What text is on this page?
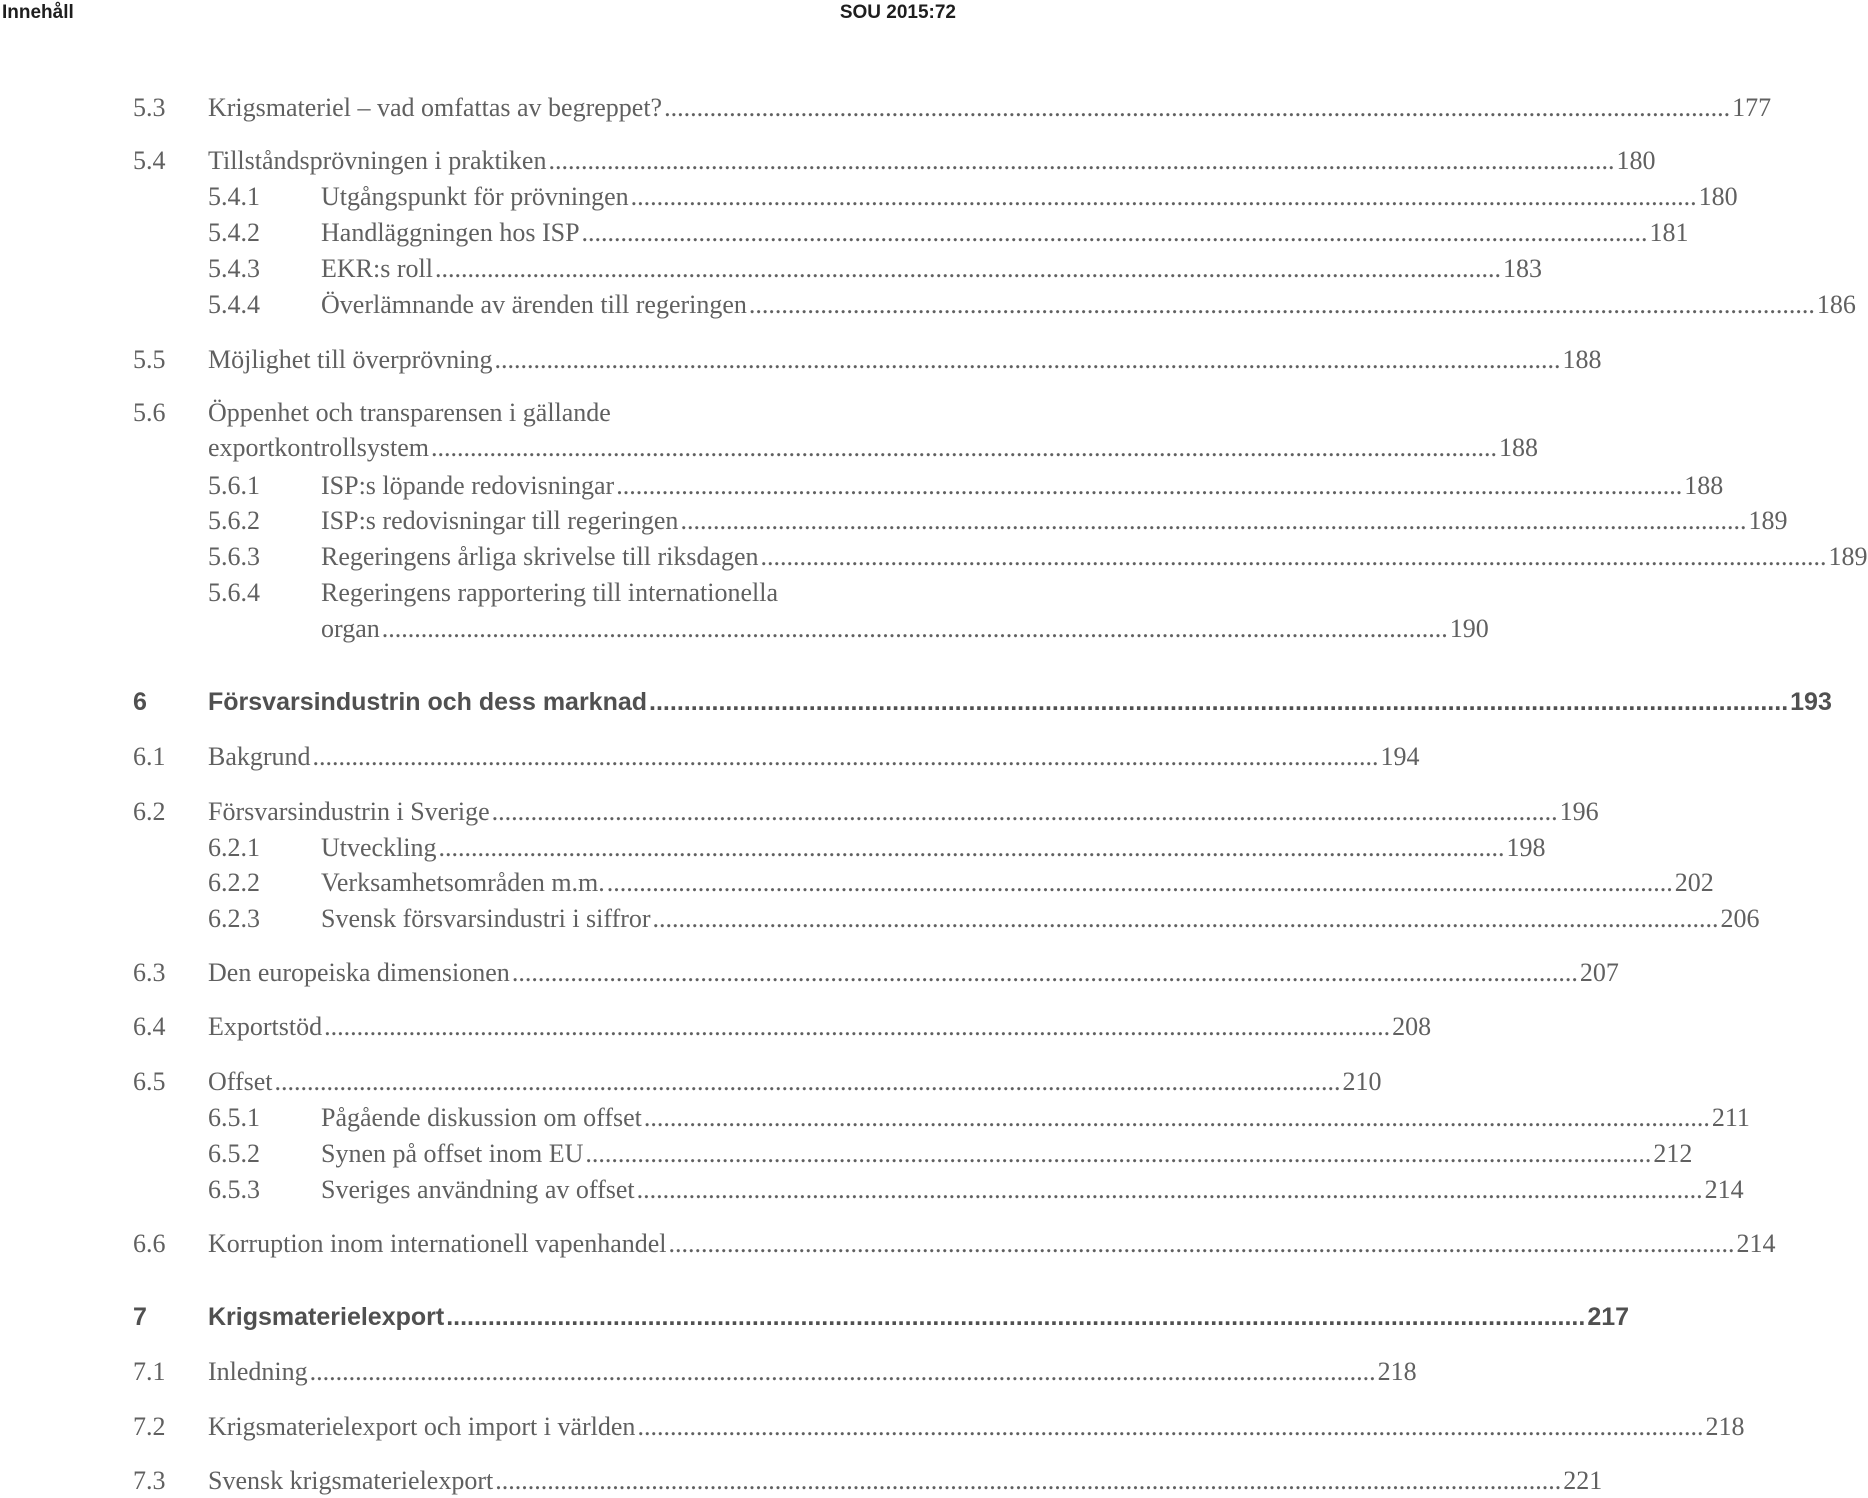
Innehåll	SOU 2015:72
5.3 Krigsmateriel – vad omfattas av begreppet? .................................................................................................................................................................... 177
5.4 Tillståndsprövningen i praktiken .................................................................................................................................................................... 180
5.4.1 Utgångspunkt för prövningen .................................................................................................................................................................... 180
5.4.2 Handläggningen hos ISP .................................................................................................................................................................... 181
5.4.3 EKR:s roll .................................................................................................................................................................... 183
5.4.4 Överlämnande av ärenden till regeringen .................................................................................................................................................................... 186
5.5 Möjlighet till överprövning .................................................................................................................................................................... 188
Öppenhet och transparensen i gällande
5.6
exportkontrollsystem .................................................................................................................................................................... 188
5.6.1 ISP:s löpande redovisningar .................................................................................................................................................................... 188
5.6.2 ISP:s redovisningar till regeringen .................................................................................................................................................................... 189
5.6.3 Regeringens årliga skrivelse till riksdagen .................................................................................................................................................................... 189
Regeringens rapportering till internationella
5.6.4
organ .................................................................................................................................................................... 190
6 Försvarsindustrin och dess marknad .................................................................................................................................................................... 193
6.1 Bakgrund .................................................................................................................................................................... 194
6.2 Försvarsindustrin i Sverige .................................................................................................................................................................... 196
6.2.1 Utveckling .................................................................................................................................................................... 198
6.2.2 Verksamhetsområden m.m. .................................................................................................................................................................... 202
6.2.3 Svensk försvarsindustri i siffror .................................................................................................................................................................... 206
6.3 Den europeiska dimensionen .................................................................................................................................................................... 207
6.4 Exportstöd .................................................................................................................................................................... 208
6.5 Offset .................................................................................................................................................................... 210
6.5.1 Pågående diskussion om offset .................................................................................................................................................................... 211
6.5.2 Synen på offset inom EU .................................................................................................................................................................... 212
6.5.3 Sveriges användning av offset .................................................................................................................................................................... 214
6.6 Korruption inom internationell vapenhandel .................................................................................................................................................................... 214
7 Krigsmaterielexport .................................................................................................................................................................... 217
7.1 Inledning .................................................................................................................................................................... 218
7.2 Krigsmaterielexport och import i världen .................................................................................................................................................................... 218
7.3 Svensk krigsmaterielexport .................................................................................................................................................................... 221
